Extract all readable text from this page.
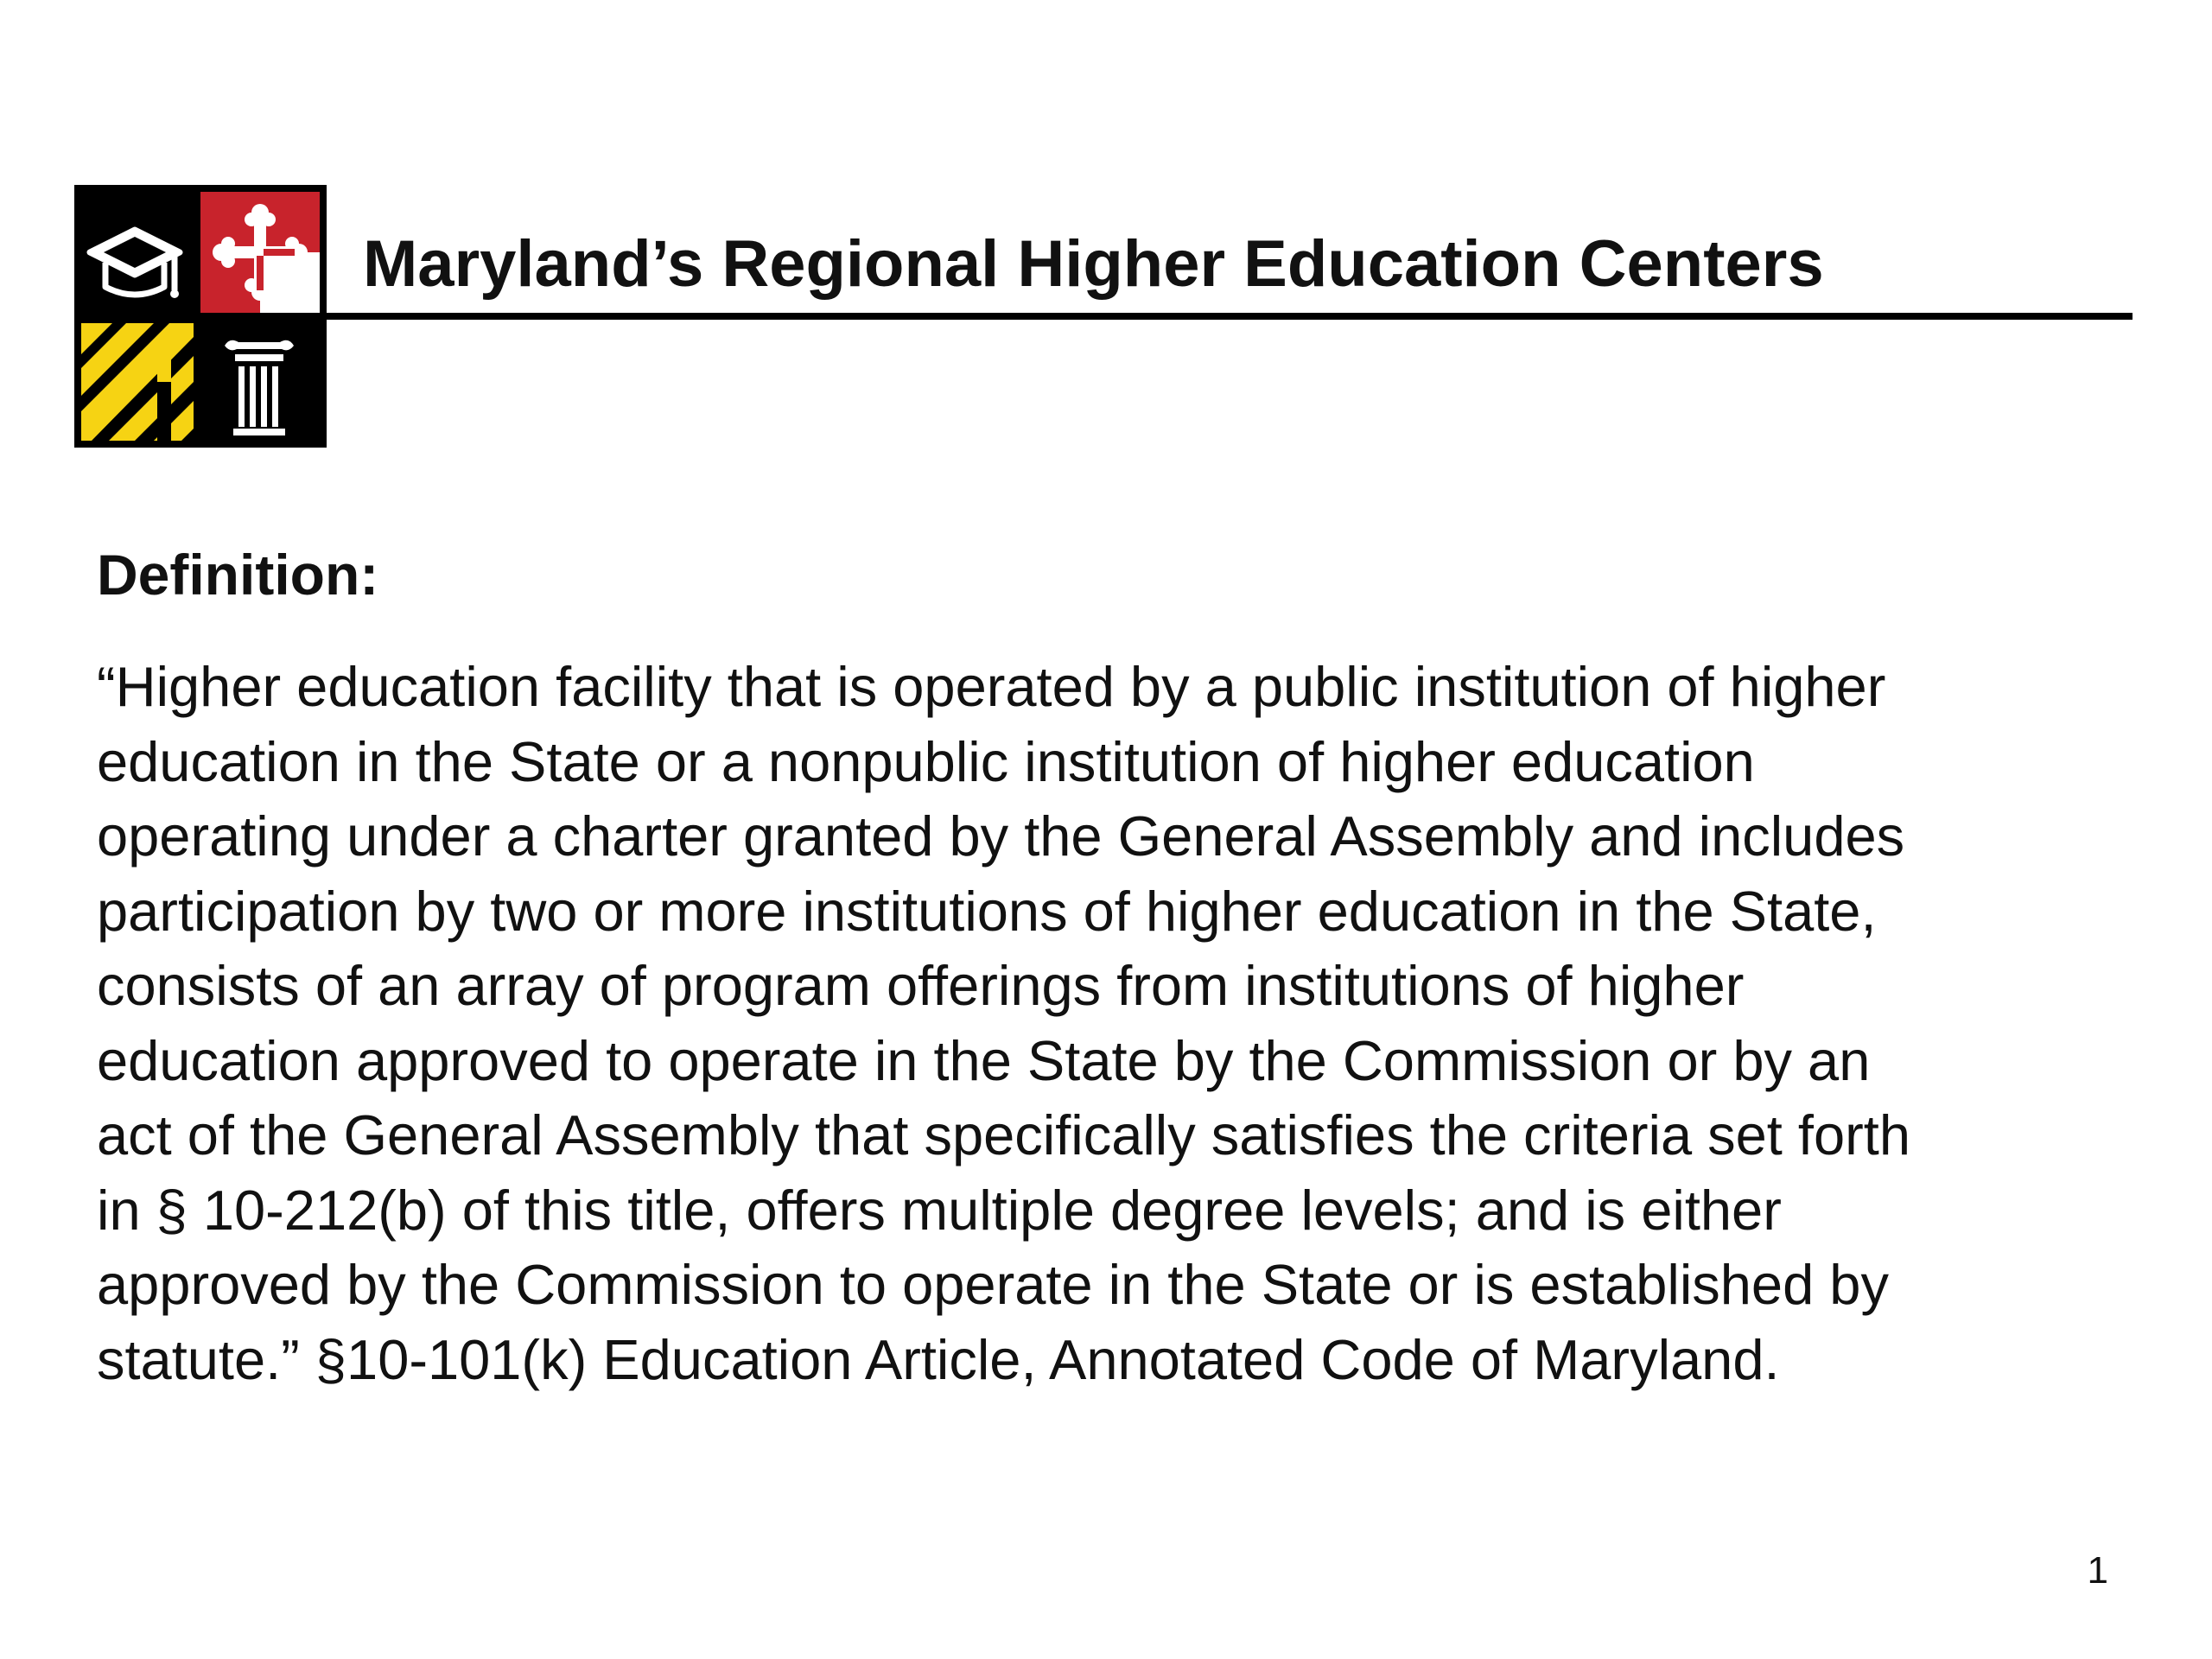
Maryland’s Regional Higher Education Centers
Definition:

“Higher education facility that is operated by a public institution of higher
education in the State or a nonpublic institution of higher education
operating under a charter granted by the General Assembly and includes
participation by two or more institutions of higher education in the State,
consists of an array of program offerings from institutions of higher
education approved to operate in the State by the Commission or by an
act of the General Assembly that specifically satisfies the criteria set forth
in § 10-212(b) of this title, offers multiple degree levels; and is either
approved by the Commission to operate in the State or is established by
statute.” §10-101(k) Education Article, Annotated Code of Maryland.

1
